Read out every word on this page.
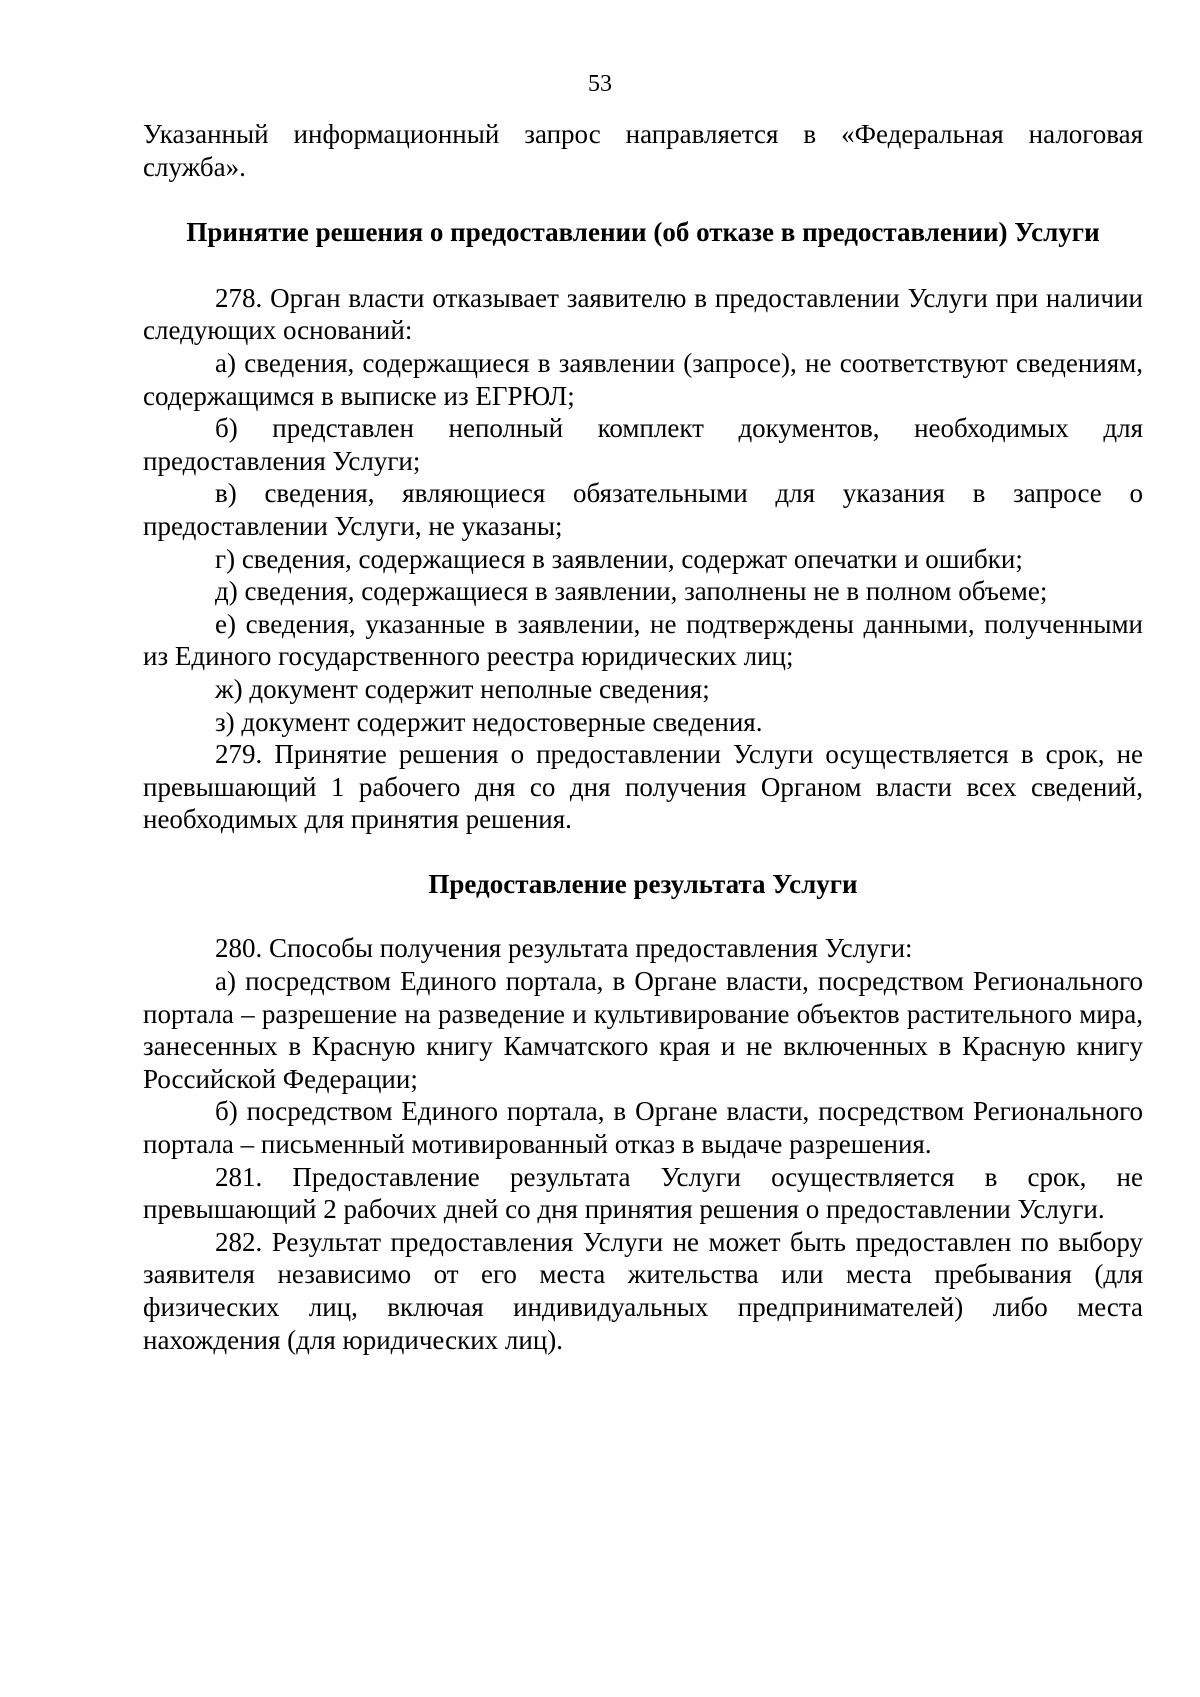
53

Указанный информационный запрос направляется в «Федеральная налоговая служба».

Принятие решения о предоставлении (об отказе в предоставлении) Услуги

278. Орган власти отказывает заявителю в предоставлении Услуги при наличии следующих оснований:

а) сведения, содержащиеся в заявлении (запросе), не соответствуют сведениям, содержащимся в выписке из ЕГРЮЛ;

б) представлен неполный комплект документов, необходимых для предоставления Услуги;

в) сведения, являющиеся обязательными для указания в запросе о предоставлении Услуги, не указаны;

г) сведения, содержащиеся в заявлении, содержат опечатки и ошибки;

д) сведения, содержащиеся в заявлении, заполнены не в полном объеме;

е) сведения, указанные в заявлении, не подтверждены данными, полученными из Единого государственного реестра юридических лиц;

ж) документ содержит неполные сведения;

з) документ содержит недостоверные сведения.

279. Принятие решения о предоставлении Услуги осуществляется в срок, не превышающий 1 рабочего дня со дня получения Органом власти всех сведений, необходимых для принятия решения.

Предоставление результата Услуги

280. Способы получения результата предоставления Услуги:

а) посредством Единого портала, в Органе власти, посредством Регионального портала – разрешение на разведение и культивирование объектов растительного мира, занесенных в Красную книгу Камчатского края и не включенных в Красную книгу Российской Федерации;

б) посредством Единого портала, в Органе власти, посредством Регионального портала – письменный мотивированный отказ в выдаче разрешения.

281. Предоставление результата Услуги осуществляется в срок, не превышающий 2 рабочих дней со дня принятия решения о предоставлении Услуги.

282. Результат предоставления Услуги не может быть предоставлен по выбору заявителя независимо от его места жительства или места пребывания (для физических лиц, включая индивидуальных предпринимателей) либо места нахождения (для юридических лиц).
